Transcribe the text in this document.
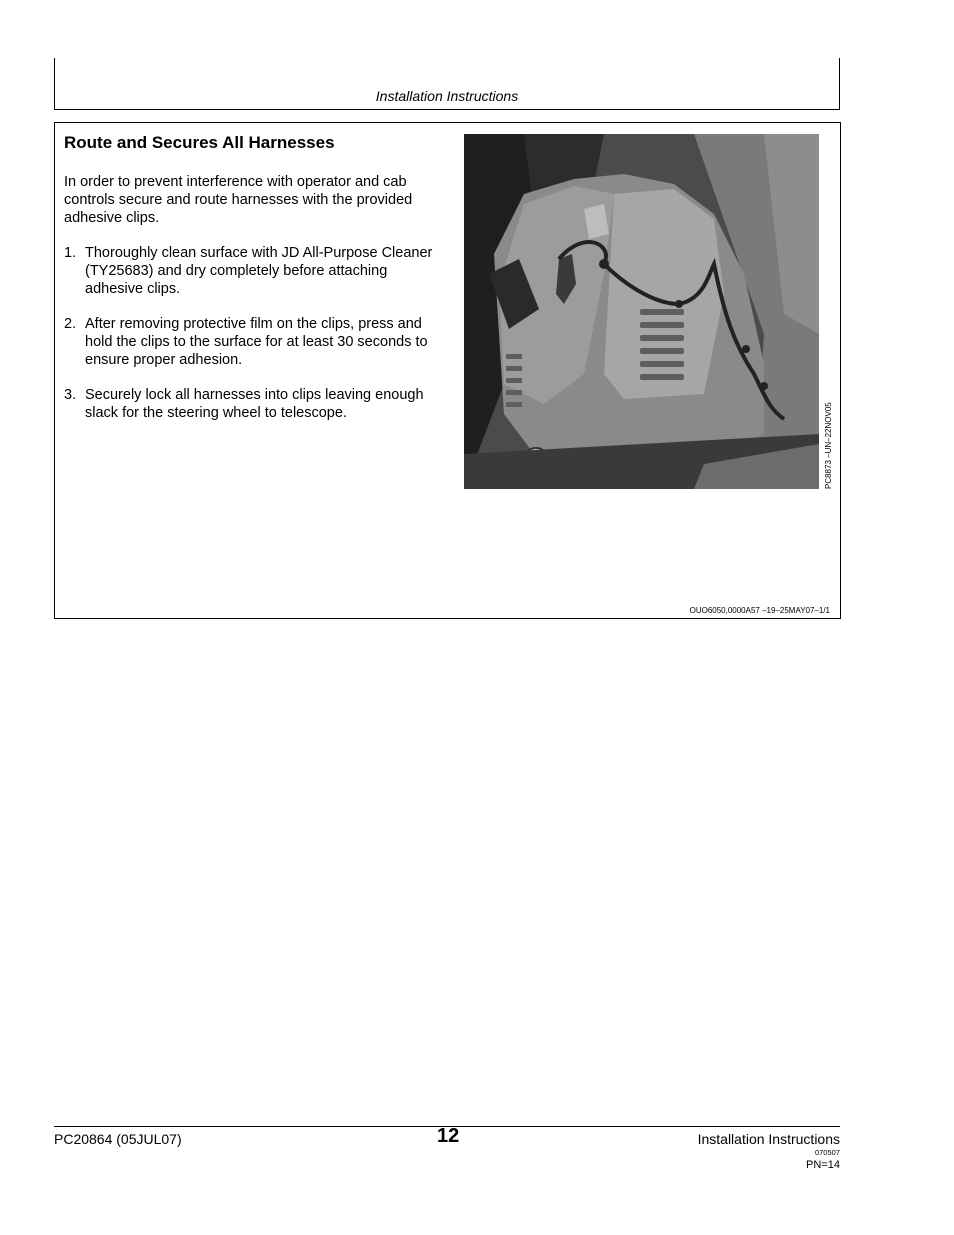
Installation Instructions
Route and Secures All Harnesses
In order to prevent interference with operator and cab controls secure and route harnesses with the provided adhesive clips.
1. Thoroughly clean surface with JD All-Purpose Cleaner (TY25683) and dry completely before attaching adhesive clips.
2. After removing protective film on the clips, press and hold the clips to the surface for at least 30 seconds to ensure proper adhesion.
3. Securely lock all harnesses into clips leaving enough slack for the steering wheel to telescope.	PC8873 –UN–22NOV05
OUO6050,0000A57 –19–25MAY07–1/1
PC20864 (05JUL07)	12	Installation Instructions
070507
PN=14
